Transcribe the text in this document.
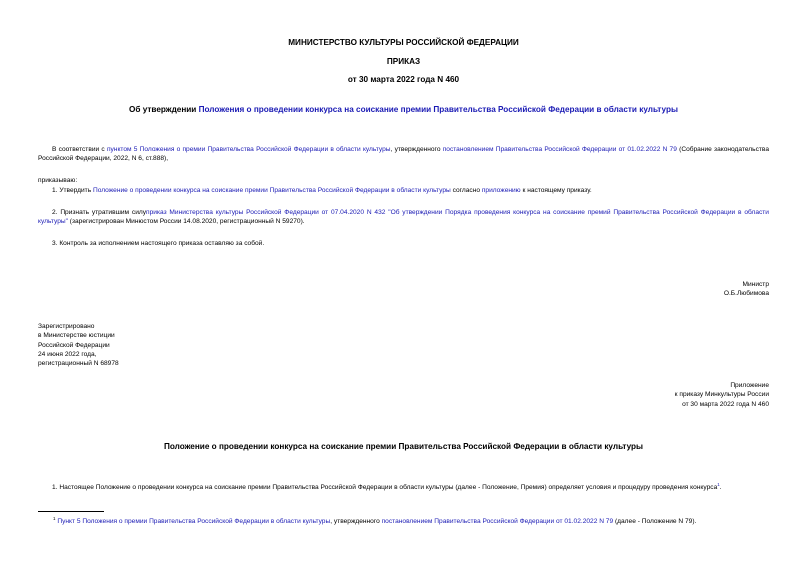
МИНИСТЕРСТВО КУЛЬТУРЫ РОССИЙСКОЙ ФЕДЕРАЦИИ
ПРИКАЗ
от 30 марта 2022 года N 460
Об утверждении Положения о проведении конкурса на соискание премии Правительства Российской Федерации в области культуры
В соответствии с пунктом 5 Положения о премии Правительства Российской Федерации в области культуры, утвержденного постановлением Правительства Российской Федерации от 01.02.2022 N 79 (Собрание законодательства Российской Федерации, 2022, N 6, ст.888),
приказываю:
1. Утвердить Положение о проведении конкурса на соискание премии Правительства Российской Федерации в области культуры согласно приложению к настоящему приказу.
2. Признать утратившим силуприказ Министерства культуры Российской Федерации от 07.04.2020 N 432 "Об утверждении Порядка проведения конкурса на соискание премий Правительства Российской Федерации в области культуры" (зарегистрирован Минюстом России 14.08.2020, регистрационный N 59270).
3. Контроль за исполнением настоящего приказа оставляю за собой.
Министр
О.Б.Любимова
Зарегистрировано
в Министерстве юстиции
Российской Федерации
24 июня 2022 года,
регистрационный N 68978
Приложение
к приказу Минкультуры России
от 30 марта 2022 года N 460
Положение о проведении конкурса на соискание премии Правительства Российской Федерации в области культуры
1. Настоящее Положение о проведении конкурса на соискание премии Правительства Российской Федерации в области культуры (далее - Положение, Премия) определяет условия и процедуру проведения конкурса$^1$.
$^1$ Пункт 5 Положения о премии Правительства Российской Федерации в области культуры, утвержденного постановлением Правительства Российской Федерации от 01.02.2022 N 79 (далее - Положение N 79).
